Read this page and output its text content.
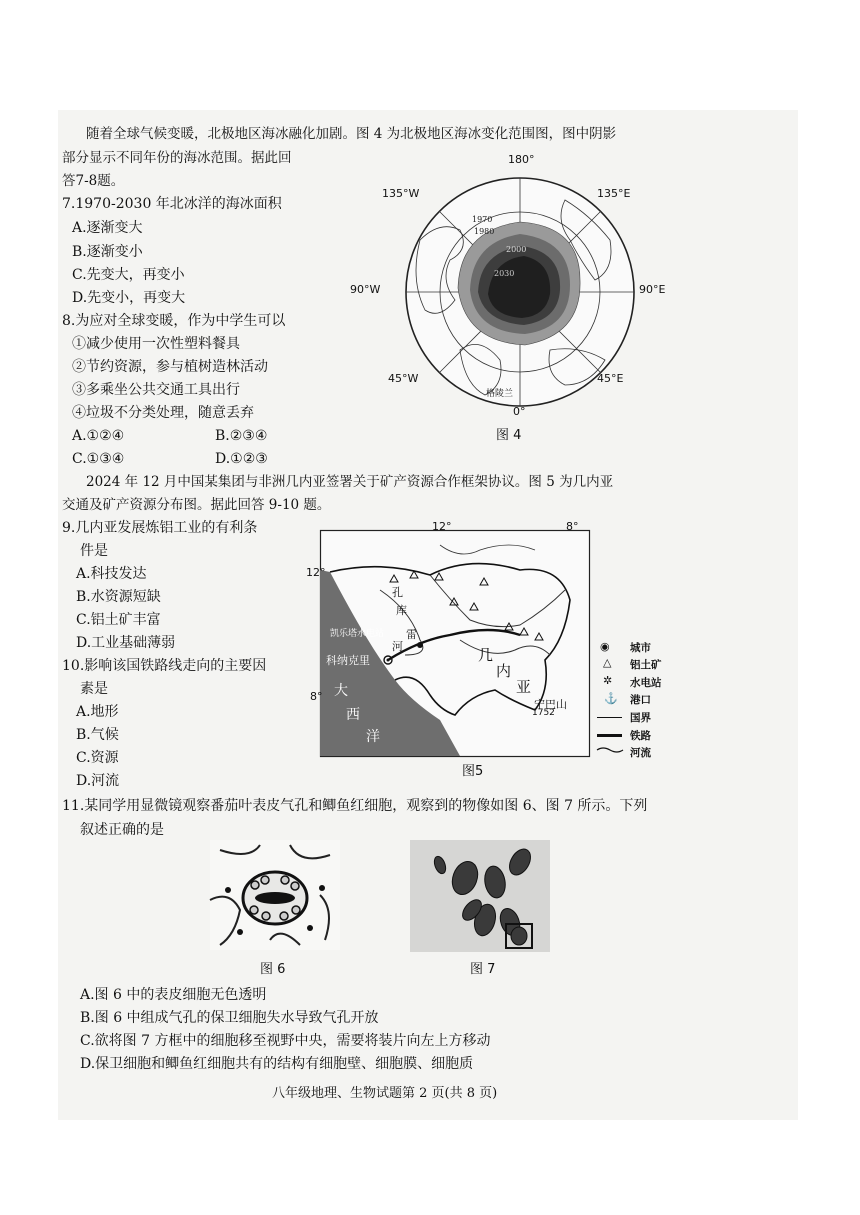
随着全球气候变暖，北极地区海冰融化加剧。图 4 为北极地区海冰变化范围图，图中阴影
部分显示不同年份的海冰范围。据此回
答7-8题。
7.1970-2030 年北冰洋的海冰面积
A.逐渐变大
B.逐渐变小
C.先变大，再变小
D.先变小，再变大
8.为应对全球变暖，作为中学生可以
①减少使用一次性塑料餐具
②节约资源，参与植树造林活动
③多乘坐公共交通工具出行
④垃圾不分类处理，随意丢弃
A.①②④	B.②③④
C.①③④	D.①②③
1970
1980
2000
2030
180°
135°W	135°E
90°W	90°E
45°W	45°E
格陵兰
0°
图 4
2024 年 12 月中国某集团与非洲几内亚签署关于矿产资源合作框架协议。图 5 为几内亚
交通及矿产资源分布图。据此回答 9-10 题。
9.几内亚发展炼铝工业的有利条
件是
A.科技发达
B.水资源短缺
C.铝土矿丰富
D.工业基础薄弱
10.影响该国铁路线走向的主要因
素是
A.地形
B.气候
C.资源
D.河流
12°	8°
12°
8°
孔
库
雷
河
凯乐塔水电站
科纳克里	几
内
亚
大
西
洋
宁巴山
1752
图5
◉ 城市
△ 铝土矿
✲ 水电站
⚓ 港口
国界
铁路
河流
11.某同学用显微镜观察番茄叶表皮气孔和鲫鱼红细胞，观察到的物像如图 6、图 7 所示。下列
叙述正确的是
图 6	图 7
A.图 6 中的表皮细胞无色透明
B.图 6 中组成气孔的保卫细胞失水导致气孔开放
C.欲将图 7 方框中的细胞移至视野中央，需要将装片向左上方移动
D.保卫细胞和鲫鱼红细胞共有的结构有细胞壁、细胞膜、细胞质
八年级地理、生物试题第 2 页(共 8 页)
